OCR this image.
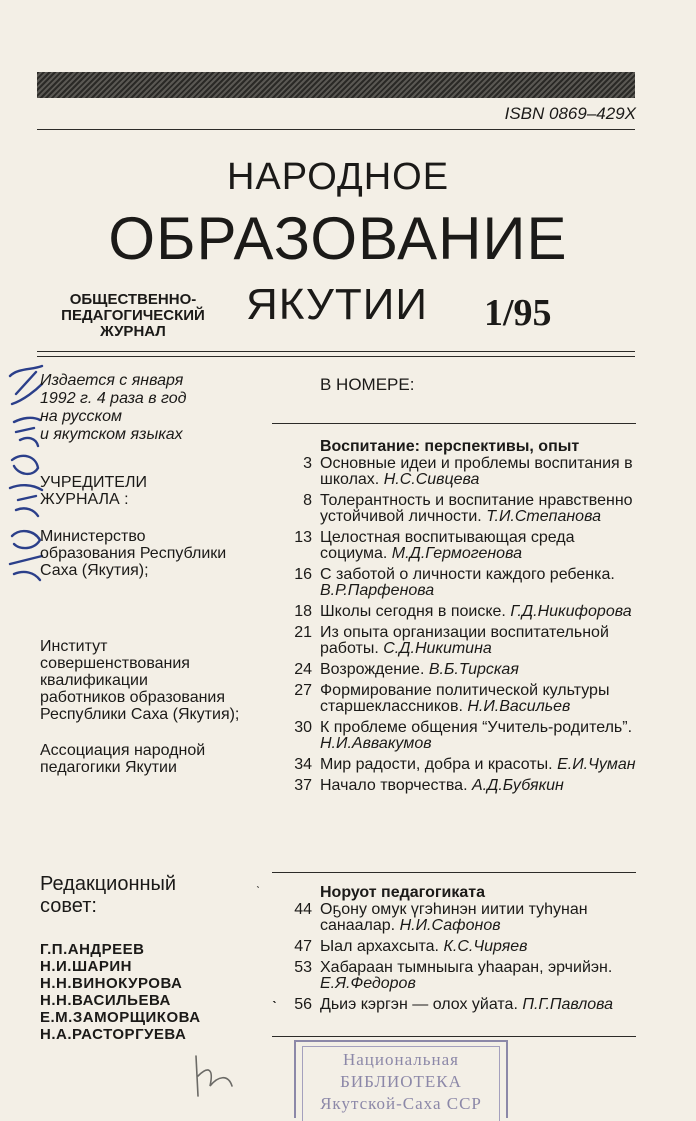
ISBN 0869–429X
НАРОДНОЕ
ОБРАЗОВАНИЕ
ОБЩЕСТВЕННО-
ПЕДАГОГИЧЕСКИЙ
ЖУРНАЛ
ЯКУТИИ 1/95
Издается с января
1992 г. 4 раза в год
на русском
и якутском языках
УЧРЕДИТЕЛИ
ЖУРНАЛА :
Министерство
образования Республики
Саха (Якутия);
Институт
совершенствования
квалификации
работников образования
Республики Саха (Якутия);
Ассоциация народной
педагогики Якутии
Редакционный
совет:
Г.П.АНДРЕЕВ
Н.И.ШАРИН
Н.Н.ВИНОКУРОВА
Н.Н.ВАСИЛЬЕВА
Е.М.ЗАМОРЩИКОВА
Н.А.РАСТОРГУЕВА
В НОМЕРЕ:
Воспитание: перспективы, опыт
3 Основные идеи и проблемы воспитания в школах. Н.С.Сивцева
8 Толерантность и воспитание нравственно устойчивой личности. Т.И.Степанова
13 Целостная воспитывающая среда социума. М.Д.Гермогенова
16 С заботой о личности каждого ребенка. В.Р.Парфенова
18 Школы сегодня в поиске. Г.Д.Никифорова
21 Из опыта организации воспитательной работы. С.Д.Никитина
24 Возрождение. В.Б.Тирская
27 Формирование политической культуры старшеклассников. Н.И.Васильев
30 К проблеме общения “Учитель-родитель”. Н.И.Аввакумов
34 Мир радости, добра и красоты. Е.И.Чуман
37 Начало творчества. А.Д.Бубякин
Норуот педагогиката
44 Оҕону омук үгэһинэн иитии туһунан санаалар. Н.И.Сафонов
47 Ыал архахсыта. К.С.Чиряев
53 Хабараан тымныыга уһааран, эрчийэн. Е.Я.Федоров
56 Дьиэ кэргэн — олох уйата. П.Г.Павлова
ˋ
ˋ
Национальная
БИБЛИОТЕКА
Якутской-Саха ССР
